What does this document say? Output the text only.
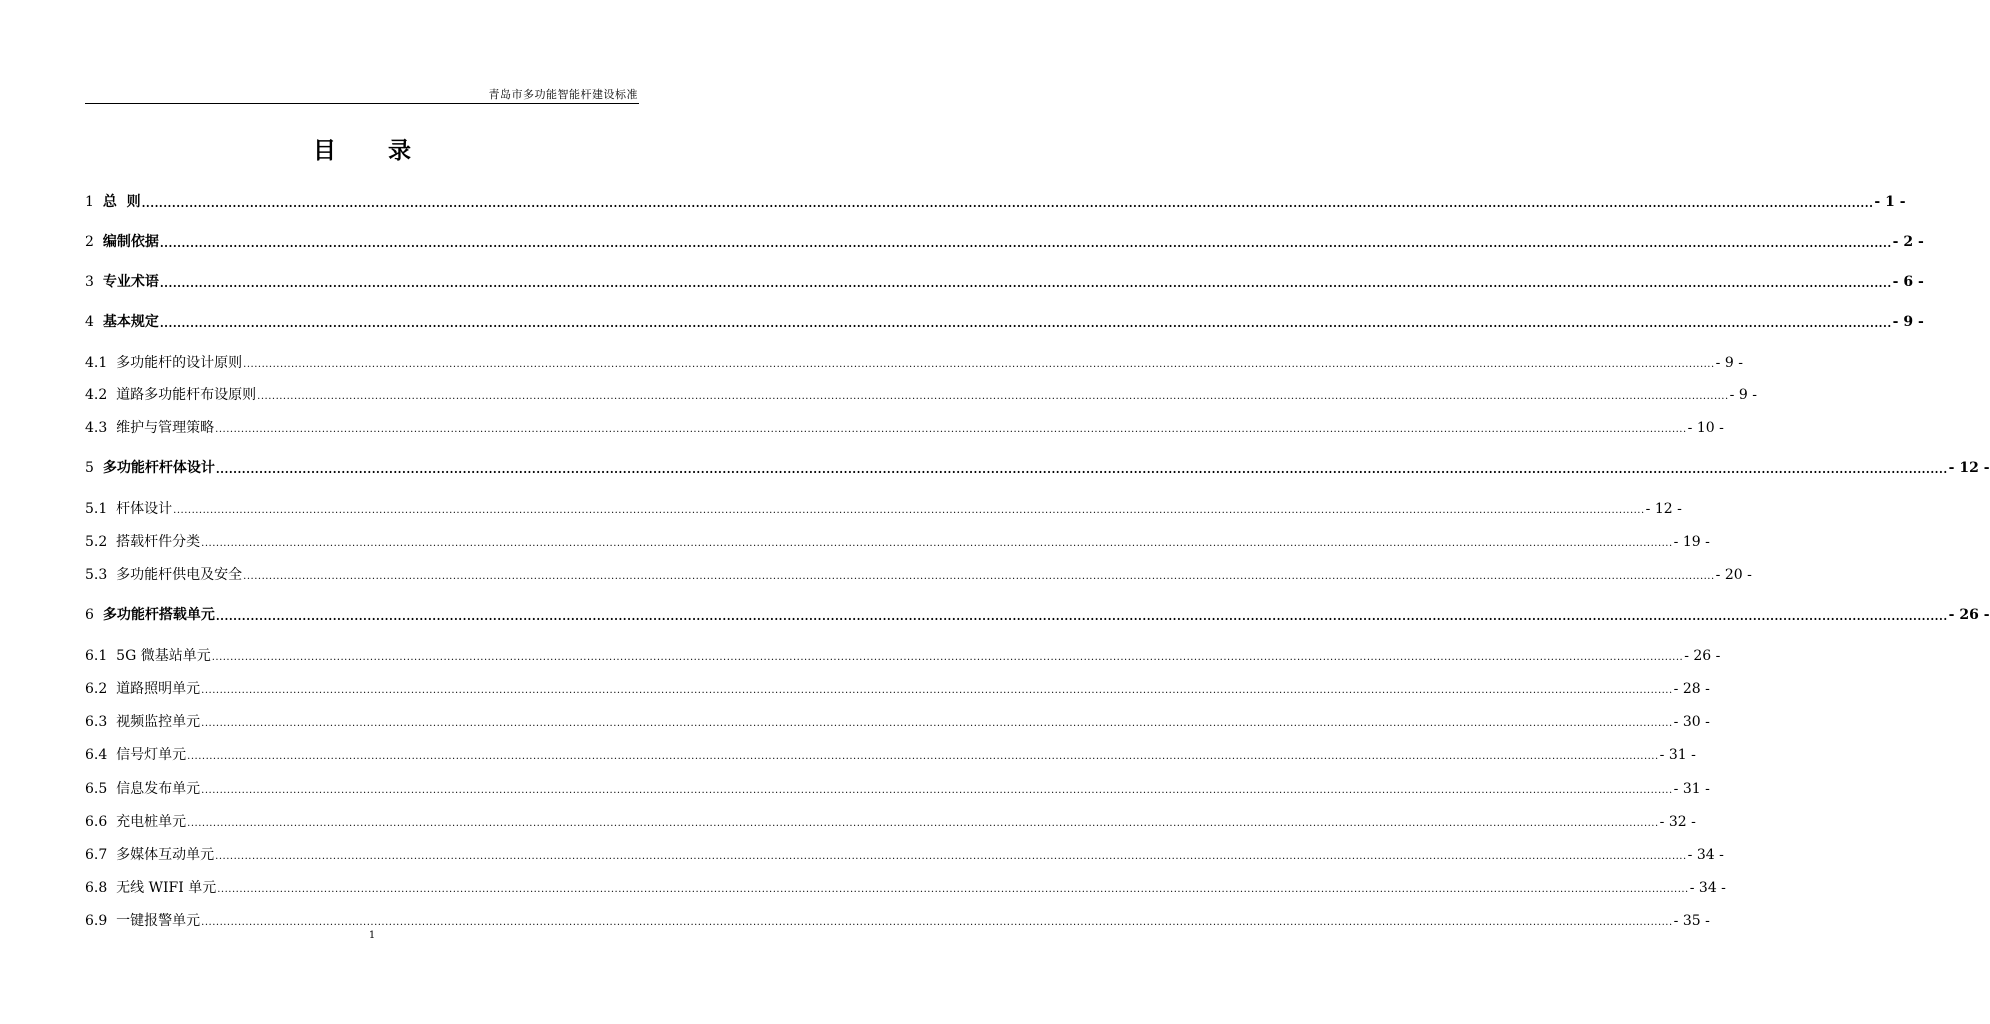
青岛市多功能智能杆建设标准
目 录
1
总  则 ................................................................................................................................................................................................................................................................................................................................................................................................................ - 1 -
2
编制依据 ................................................................................................................................................................................................................................................................................................................................................................................................................ - 2 -
3
专业术语 ................................................................................................................................................................................................................................................................................................................................................................................................................ - 6 -
4
基本规定 ................................................................................................................................................................................................................................................................................................................................................................................................................ - 9 -
4.1
多功能杆的设计原则 ................................................................................................................................................................................................................................................................................................................................................................................................................ - 9 -
4.2
道路多功能杆布设原则 ................................................................................................................................................................................................................................................................................................................................................................................................................ - 9 -
4.3
维护与管理策略 ................................................................................................................................................................................................................................................................................................................................................................................................................ - 10 -
5
多功能杆杆体设计 ................................................................................................................................................................................................................................................................................................................................................................................................................ - 12 -
5.1
杆体设计 ................................................................................................................................................................................................................................................................................................................................................................................................................ - 12 -
5.2
搭载杆件分类 ................................................................................................................................................................................................................................................................................................................................................................................................................ - 19 -
5.3
多功能杆供电及安全 ................................................................................................................................................................................................................................................................................................................................................................................................................ - 20 -
6
多功能杆搭载单元 ................................................................................................................................................................................................................................................................................................................................................................................................................ - 26 -
6.1
5G 微基站单元 ................................................................................................................................................................................................................................................................................................................................................................................................................ - 26 -
6.2
道路照明单元 ................................................................................................................................................................................................................................................................................................................................................................................................................ - 28 -
6.3
视频监控单元 ................................................................................................................................................................................................................................................................................................................................................................................................................ - 30 -
6.4
信号灯单元 ................................................................................................................................................................................................................................................................................................................................................................................................................ - 31 -
6.5
信息发布单元 ................................................................................................................................................................................................................................................................................................................................................................................................................ - 31 -
6.6
充电桩单元 ................................................................................................................................................................................................................................................................................................................................................................................................................ - 32 -
6.7
多媒体互动单元 ................................................................................................................................................................................................................................................................................................................................................................................................................ - 34 -
6.8
无线 WIFI 单元 ................................................................................................................................................................................................................................................................................................................................................................................................................ - 34 -
6.9
一键报警单元 ................................................................................................................................................................................................................................................................................................................................................................................................................ - 35 -
1
